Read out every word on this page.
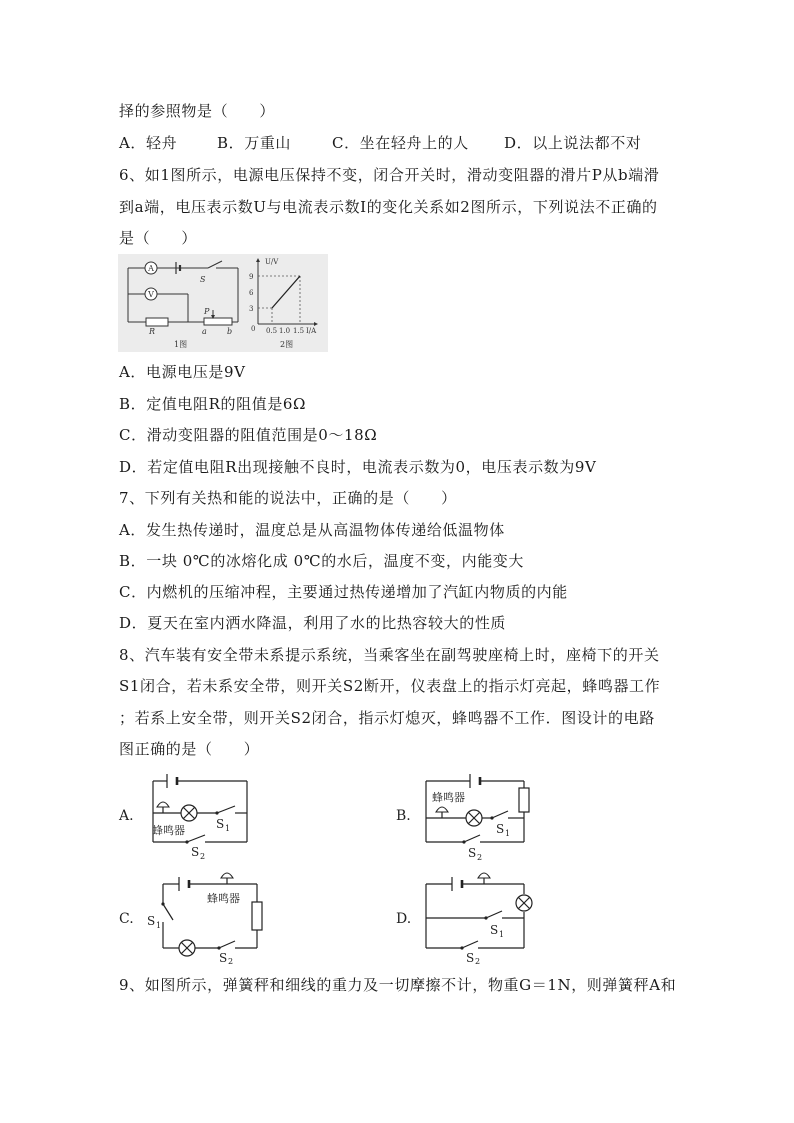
择的参照物是（　　）
A．轻舟	B．万重山	C．坐在轻舟上的人 D．以上说法都不对
6、如1图所示，电源电压保持不变，闭合开关时，滑动变阻器的滑片P从b端滑
到a端，电压表示数U与电流表示数I的变化关系如2图所示，下列说法不正确的
是（　　）
A
V
S
R
P
a	b
1图
U/V
I/A
9
6
3
0 0.5 1.0 1.5
2图
A．电源电压是9V
B．定值电阻R的阻值是6Ω
C．滑动变阻器的阻值范围是0～18Ω
D．若定值电阻R出现接触不良时，电流表示数为0，电压表示数为9V
7、下列有关热和能的说法中，正确的是（　　）
A．发生热传递时，温度总是从高温物体传递给低温物体
B．一块 0℃的冰熔化成 0℃的水后，温度不变，内能变大
C．内燃机的压缩冲程，主要通过热传递增加了汽缸内物质的内能
D．夏天在室内洒水降温，利用了水的比热容较大的性质
8、汽车装有安全带未系提示系统，当乘客坐在副驾驶座椅上时，座椅下的开关
S1闭合，若未系安全带，则开关S2断开，仪表盘上的指示灯亮起，蜂鸣器工作
；若系上安全带，则开关S2闭合，指示灯熄灭，蜂鸣器不工作．图设计的电路
图正确的是（　　）
A.
蜂鸣器	S 1
S 2
B.
蜂鸣器
S 1
S 2
C.
蜂鸣器
S 1
S 2
D.
S 1
S 2
9、如图所示，弹簧秤和细线的重力及一切摩擦不计，物重G＝1N，则弹簧秤A和
